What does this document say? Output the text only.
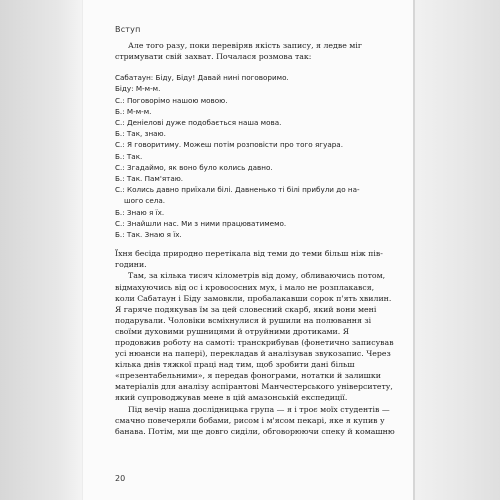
Вступ

Але того разу, поки перевіряв якість запису, я ледве міг стримувати свій захват. Почалася розмова так:

Сабатаун: Біду, Біду! Давай нині поговоримо.
Біду: М-м-м.
С.: Поговорімо нашою мовою.
Б.: М-м-м.
С.: Деніелові дуже подобається наша мова.
Б.: Так, знаю.
С.: Я говоритиму. Можеш потім розповісти про того ягуара.
Б.: Так.
С.: Згадаймо, як воно було колись давно.
Б.: Так. Пам'ятаю.
С.: Колись давно приїхали білі. Давненько ті білі прибули до на-
шого села.
Б.: Знаю я їх.
С.: Знайшли нас. Ми з ними працюватимемо.
Б.: Так. Знаю я їх.

Їхня бесіда природно перетікала від теми до теми більш ніж пів-години.

Там, за кілька тисяч кілометрів від дому, обливаючись потом, відмахуючись від ос і кровососних мух, і мало не розплакався, коли Сабатаун і Біду замовкли, пробалакавши сорок п'ять хвилин. Я гаряче подякував їм за цей словесний скарб, який вони мені подарували. Чоловіки всміхнулися й рушили на полювання зі своїми духовими рушницями й отруйними дротиками. Я продовжив роботу на самоті: транскрибував (фонетично записував усі нюанси на папері), перекладав й аналізував звукозапис. Через кілька днів тяжкої праці над тим, щоб зробити дані більш «презентабельними», я передав фонограми, нотатки й залишки матеріалів для аналізу аспірантові Манчестерського університету, який супроводжував мене в цій амазонській експедиції.

Під вечір наша дослідницька група — я і троє моїх студентів — смачно повечеряли бобами, рисом і м'ясом пекарі, яке я купив у банава. Потім, ми ще довго сиділи, обговорюючи спеку й комашню

20
